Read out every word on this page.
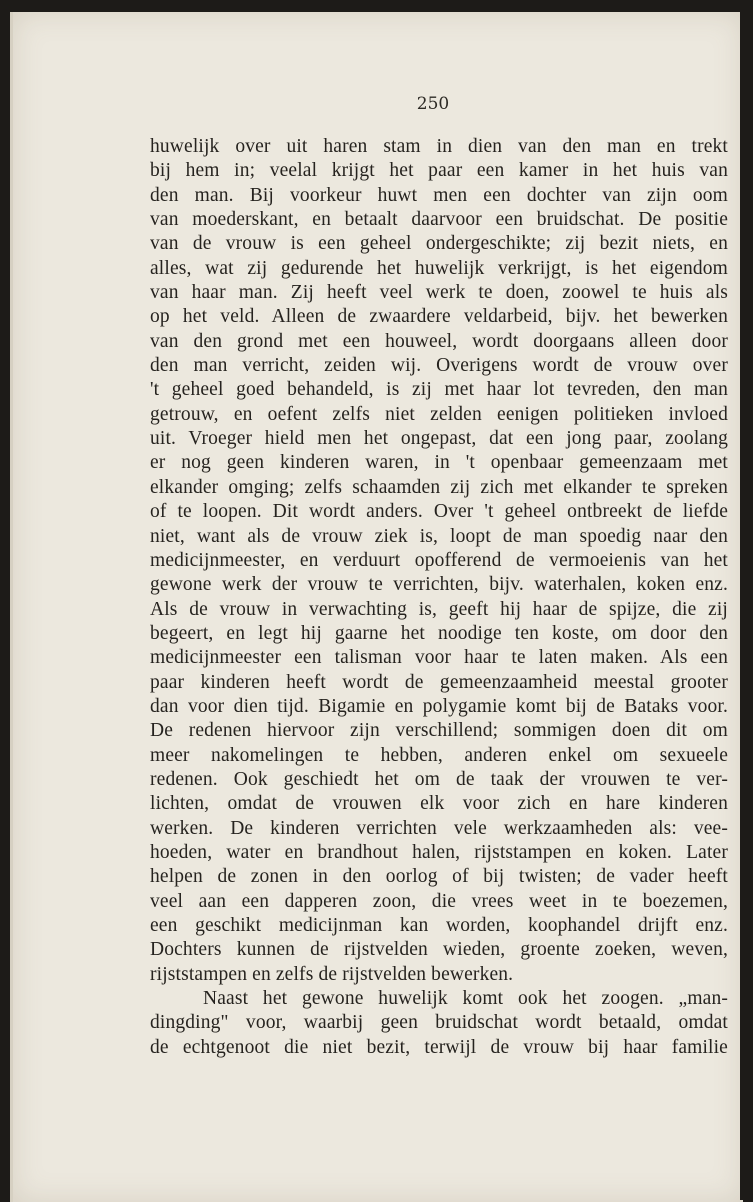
250
huwelijk over uit haren stam in dien van den man en trekt
bij hem in; veelal krijgt het paar een kamer in het huis van
den man. Bij voorkeur huwt men een dochter van zijn oom
van moederskant, en betaalt daarvoor een bruidschat. De positie
van de vrouw is een geheel ondergeschikte; zij bezit niets, en
alles, wat zij gedurende het huwelijk verkrijgt, is het eigendom
van haar man. Zij heeft veel werk te doen, zoowel te huis als
op het veld. Alleen de zwaardere veldarbeid, bijv. het bewerken
van den grond met een houweel, wordt doorgaans alleen door
den man verricht, zeiden wij. Overigens wordt de vrouw over
't geheel goed behandeld, is zij met haar lot tevreden, den man
getrouw, en oefent zelfs niet zelden eenigen politieken invloed
uit. Vroeger hield men het ongepast, dat een jong paar, zoolang
er nog geen kinderen waren, in 't openbaar gemeenzaam met
elkander omging; zelfs schaamden zij zich met elkander te spreken
of te loopen. Dit wordt anders. Over 't geheel ontbreekt de liefde
niet, want als de vrouw ziek is, loopt de man spoedig naar den
medicijnmeester, en verduurt opofferend de vermoeienis van het
gewone werk der vrouw te verrichten, bijv. waterhalen, koken enz.
Als de vrouw in verwachting is, geeft hij haar de spijze, die zij
begeert, en legt hij gaarne het noodige ten koste, om door den
medicijnmeester een talisman voor haar te laten maken. Als een
paar kinderen heeft wordt de gemeenzaamheid meestal grooter
dan voor dien tijd. Bigamie en polygamie komt bij de Bataks voor.
De redenen hiervoor zijn verschillend; sommigen doen dit om
meer nakomelingen te hebben, anderen enkel om sexueele
redenen. Ook geschiedt het om de taak der vrouwen te ver-
lichten, omdat de vrouwen elk voor zich en hare kinderen
werken. De kinderen verrichten vele werkzaamheden als: vee-
hoeden, water en brandhout halen, rijststampen en koken. Later
helpen de zonen in den oorlog of bij twisten; de vader heeft
veel aan een dapperen zoon, die vrees weet in te boezemen,
een geschikt medicijnman kan worden, koophandel drijft enz.
Dochters kunnen de rijstvelden wieden, groente zoeken, weven,
rijststampen en zelfs de rijstvelden bewerken.
Naast het gewone huwelijk komt ook het zoogen. „man-
dingding" voor, waarbij geen bruidschat wordt betaald, omdat
de echtgenoot die niet bezit, terwijl de vrouw bij haar familie
